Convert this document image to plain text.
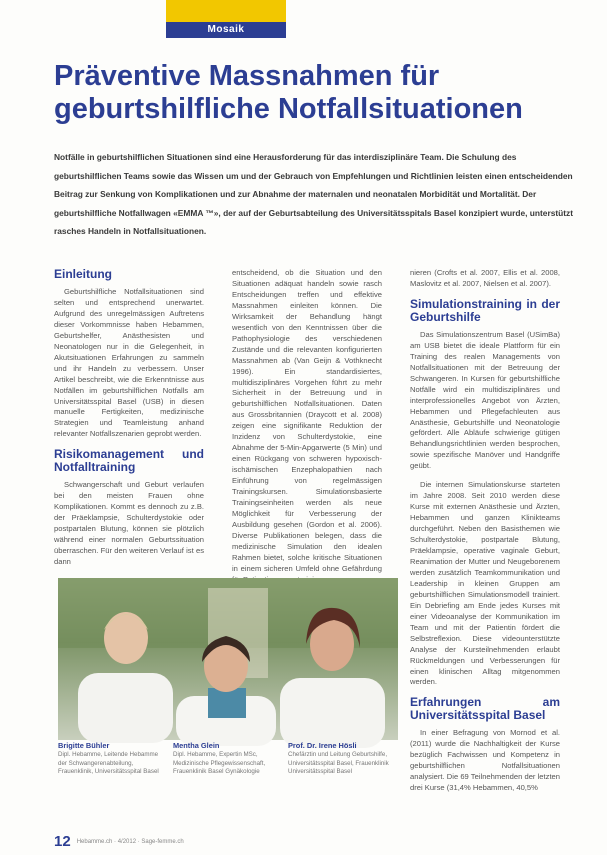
Mosaik
Präventive Massnahmen für geburtshilfliche Notfallsituationen
Notfälle in geburtshilflichen Situationen sind eine Herausforderung für das interdisziplinäre Team. Die Schulung des geburtshilflichen Teams sowie das Wissen um und der Gebrauch von Empfehlungen und Richtlinien leisten einen entscheidenden Beitrag zur Senkung von Komplikationen und zur Abnahme der maternalen und neonatalen Morbidität und Mortalität. Der geburtshilfliche Notfallwagen «EMMA ™», der auf der Geburtsabteilung des Universitätsspitals Basel konzipiert wurde, unterstützt rasches Handeln in Notfallsituationen.
Einleitung

Geburtshilfliche Notfallsituationen sind selten und entsprechend unerwartet. Aufgrund des unregelmässigen Auftretens dieser Vorkommnisse haben Hebammen, Geburtshelfer, Anästhesisten und Neonatologen nur in die Gelegenheit, in Akutsituationen Erfahrungen zu sammeln und ihr Handeln zu verbessern. Unser Artikel beschreibt, wie die Erkenntnisse aus Notfällen im geburtshilflichen Notfalls am Universitätsspital Basel (USB) in diesen manuelle Fertigkeiten, medizinische Strategien und Teamleistung anhand relevanter Notfallszenarien geprobt werden.

Risikomanagement und Notfalltraining

Schwangerschaft und Geburt verlaufen bei den meisten Frauen ohne Komplikationen. Kommt es dennoch zu z.B. der Präeklampsie, Schulterdystokie oder postpartalen Blutung, können sie plötzlich während einer normalen Geburtssituation überraschen. Für den weiteren Verlauf ist es dann

entscheidend, ob die Situation und den Situationen adäquat handeln sowie rasch Entscheidungen treffen und effektive Massnahmen einleiten können. Die Wirksamkeit der Behandlung hängt wesentlich von den Kenntnissen über die Pathophysiologie des verschiedenen Zustände und die relevanten konfigurierten Massnahmen ab (Van Geijn & Vothknecht 1996). Ein standardisiertes, multidisziplinäres Vorgehen führt zu mehr Sicherheit in der Betreuung und in geburtshilflichen Notfallsituationen. Daten aus Grossbritannien (Draycott et al. 2008) zeigen eine signifikante Reduktion der Inzidenz von Schulterdystokie, eine Abnahme der 5-Min-Apgarwerte (5 Min) und einen Rückgang von schweren hypoxisch-ischämischen Enzephalopathien nach Einführung von regelmässigen Trainingskursen. Simulationsbasierte Trainingseinheiten werden als neue Möglichkeit für Verbesserung der Ausbildung gesehen (Gordon et al. 2006). Diverse Publikationen belegen, dass die medizinische Simulation den idealen Rahmen bietet, solche kritische Situationen in einem sicheren Umfeld ohne Gefährdung

nieren (Crofts et al. 2007, Ellis et al. 2008, Maslovitz et al. 2007, Nielsen et al. 2007).

Simulationstraining in der Geburtshilfe

Das Simulationszentrum Basel (USimBa) am USB bietet die ideale Plattform für ein Training des realen Managements von Notfallsituationen mit der Betreuung der Schwangeren. In Kursen für geburtshilfliche Notfälle wird ein multidisziplinäres und interprofessionelles Angebot von Ärzten, Hebammen und Pflegefachleuten aus Anästhesie, Geburtshilfe und Neonatologie gefördert. Alle Abläufe schwierige gütigen Behandlungsrichtlinien werden besprochen, sowie spezifische Manöver und Handgriffe geübt.

Die internen Simulationskurse starteten im Jahre 2008. Seit 2010 werden diese Kurse mit externen Anästhesie und Ärzten, Hebammen und ganzen Klinikteams durchgeführt. Neben den Basisthemen wie Schulterdystokie, postpartale Blutung, Präeklampsie, operative vaginale Geburt, Reanimation der Mutter und Neugeborenem werden zusätzlich Teamkommunikation und Leadership in kleinen Gruppen am geburtshilflichen Simulationsmodell trainiert. Ein Debriefing am Ende jedes Kurses mit einer Videoanalyse der Kommunikation im Team und mit der Patientin fördert die Selbstreflexion. Diese videounterstützte Analyse der Kursteilnehmenden erlaubt Rückmeldungen und Verbesserungen für einen klinischen Alltag mitgenommen werden.

Erfahrungen am Universitätsspital Basel

In einer Befragung von Mornod et al. (2011) wurde die Nachhaltigkeit der Kurse bezüglich Fachwissen und Kompetenz in geburtshilflichen Notfallsituationen analysiert. Die 69 Teilnehmenden der letzten drei Kurse (31,4% Hebammen, 40,5%

Brigitte Bühler
Dipl. Hebamme, Leitende Hebamme der Schwangerenabteilung, Frauenklinik, Universitätsspital Basel
Mentha Glein
Dipl. Hebamme, Expertin MSc, Medizinische Pflegewissenschaft, Frauenklinik Basel Gynäkologie
Prof. Dr. Irene Hösli
Chefärztin und Leitung Geburtshilfe, Universitätsspital Basel, Frauenklinik Universitätsspital Basel
12 Hebamme.ch · 4/2012 · Sage-femme.ch
